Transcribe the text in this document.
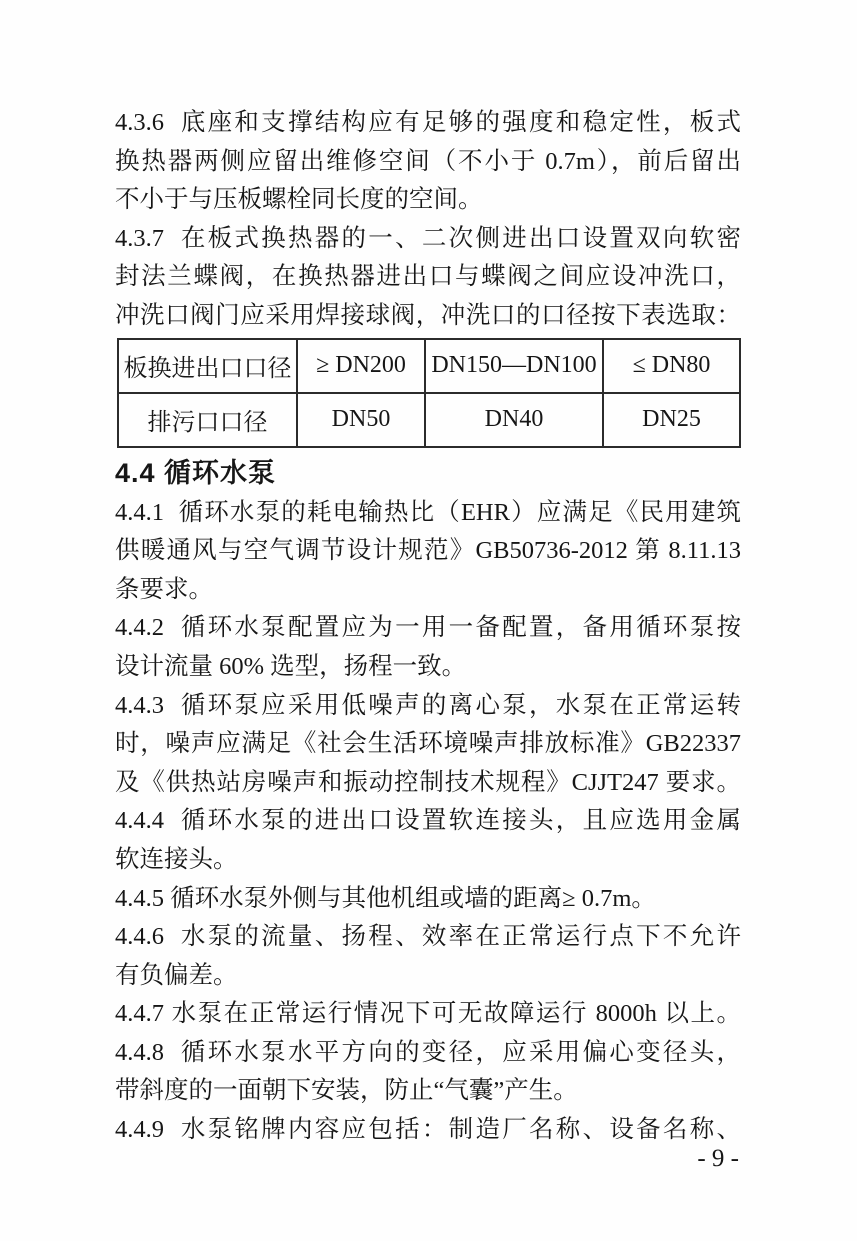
4.3.6  底座和支撑结构应有足够的强度和稳定性，板式
换热器两侧应留出维修空间（不小于 0.7m），前后留出
不小于与压板螺栓同长度的空间。
4.3.7  在板式换热器的一、二次侧进出口设置双向软密
封法兰蝶阀，在换热器进出口与蝶阀之间应设冲洗口，
冲洗口阀门应采用焊接球阀，冲洗口的口径按下表选取：
板换进出口口径	≥ DN200	DN150—DN100	≤ DN80
排污口口径	DN50	DN40	DN25
4.4 循环水泵
4.4.1  循环水泵的耗电输热比（EHR）应满足《民用建筑
供暖通风与空气调节设计规范》GB50736-2012 第 8.11.13
条要求。
4.4.2  循环水泵配置应为一用一备配置，备用循环泵按
设计流量 60% 选型，扬程一致。
4.4.3  循环泵应采用低噪声的离心泵，水泵在正常运转
时，噪声应满足《社会生活环境噪声排放标准》GB22337
及《供热站房噪声和振动控制技术规程》CJJT247 要求。
4.4.4  循环水泵的进出口设置软连接头，且应选用金属
软连接头。
4.4.5 循环水泵外侧与其他机组或墙的距离≥ 0.7m。
4.4.6  水泵的流量、扬程、效率在正常运行点下不允许
有负偏差。
4.4.7 水泵在正常运行情况下可无故障运行 8000h 以上。
4.4.8  循环水泵水平方向的变径，应采用偏心变径头，
带斜度的一面朝下安装，防止“气囊”产生。
4.4.9  水泵铭牌内容应包括：制造厂名称、设备名称、
- 9 -
